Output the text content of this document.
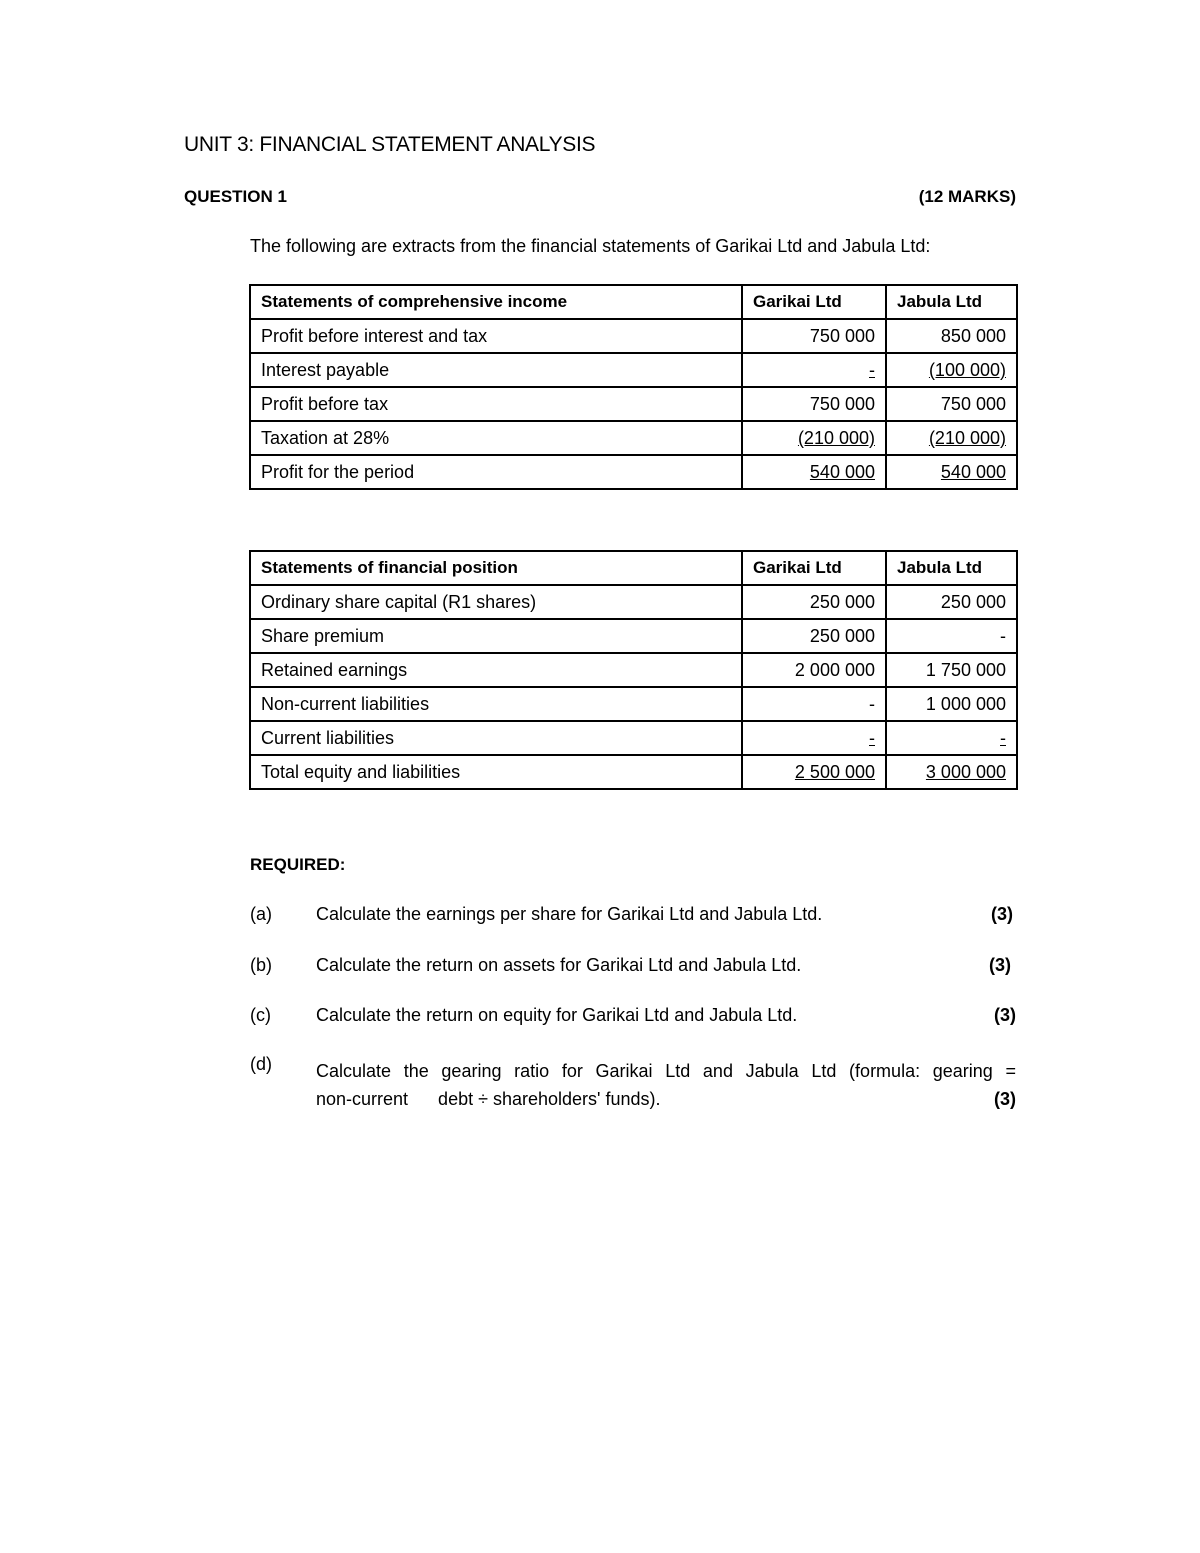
UNIT 3: FINANCIAL STATEMENT ANALYSIS
QUESTION 1	(12 MARKS)
The following are extracts from the financial statements of Garikai Ltd and Jabula Ltd:
Statements of comprehensive income	Garikai Ltd	Jabula Ltd
Profit before interest and tax	750 000	850 000
Interest payable	-	(100 000)
Profit before tax	750 000	750 000
Taxation at 28%	(210 000)	(210 000)
Profit for the period	540 000	540 000
Statements of financial position	Garikai Ltd	Jabula Ltd
Ordinary share capital (R1 shares)	250 000	250 000
Share premium	250 000	-
Retained earnings	2 000 000	1 750 000
Non-current liabilities	-	1 000 000
Current liabilities	-	-
Total equity and liabilities	2 500 000	3 000 000
REQUIRED:
(a) Calculate the earnings per share for Garikai Ltd and Jabula Ltd.	(3)
(b) Calculate the return on assets for Garikai Ltd and Jabula Ltd.	(3)
(c)	Calculate the return on equity for Garikai Ltd and Jabula Ltd.	(3)
(d) Calculate the gearing ratio for Garikai Ltd and Jabula Ltd (formula: gearing =
non-current      debt ÷ shareholders' funds).	(3)
